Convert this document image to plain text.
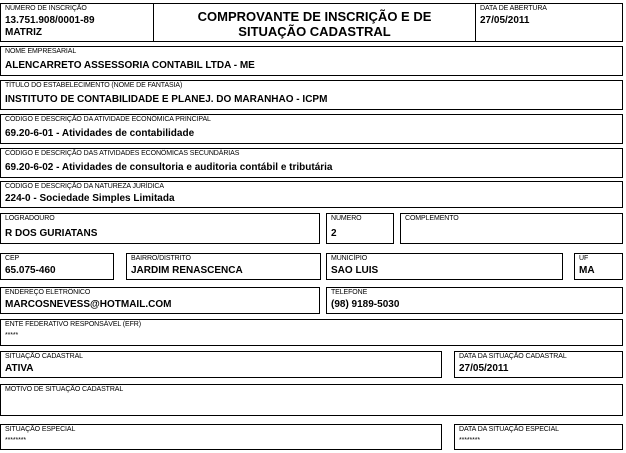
NÚMERO DE INSCRIÇÃO
13.751.908/0001-89
MATRIZ
COMPROVANTE DE INSCRIÇÃO E DE
SITUAÇÃO CADASTRAL
DATA DE ABERTURA
27/05/2011
NOME EMPRESARIAL
ALENCARRETO ASSESSORIA CONTABIL LTDA - ME
TÍTULO DO ESTABELECIMENTO (NOME DE FANTASIA)
INSTITUTO DE CONTABILIDADE E PLANEJ. DO MARANHAO - ICPM
CÓDIGO E DESCRIÇÃO DA ATIVIDADE ECONÔMICA PRINCIPAL
69.20-6-01 - Atividades de contabilidade
CÓDIGO E DESCRIÇÃO DAS ATIVIDADES ECONÔMICAS SECUNDÁRIAS
69.20-6-02 - Atividades de consultoria e auditoria contábil e tributária
CÓDIGO E DESCRIÇÃO DA NATUREZA JURÍDICA
224-0 - Sociedade Simples Limitada
LOGRADOURO
R DOS GURIATANS
NÚMERO
2
COMPLEMENTO
CEP
65.075-460
BAIRRO/DISTRITO
JARDIM RENASCENCA
MUNICÍPIO
SAO LUIS
UF
MA
ENDEREÇO ELETRÔNICO
MARCOSNEVESS@HOTMAIL.COM
TELEFONE
(98) 9189-5030
ENTE FEDERATIVO RESPONSÁVEL (EFR)
*****
SITUAÇÃO CADASTRAL
ATIVA
DATA DA SITUAÇÃO CADASTRAL
27/05/2011
MOTIVO DE SITUAÇÃO CADASTRAL
SITUAÇÃO ESPECIAL
********
DATA DA SITUAÇÃO ESPECIAL
********
